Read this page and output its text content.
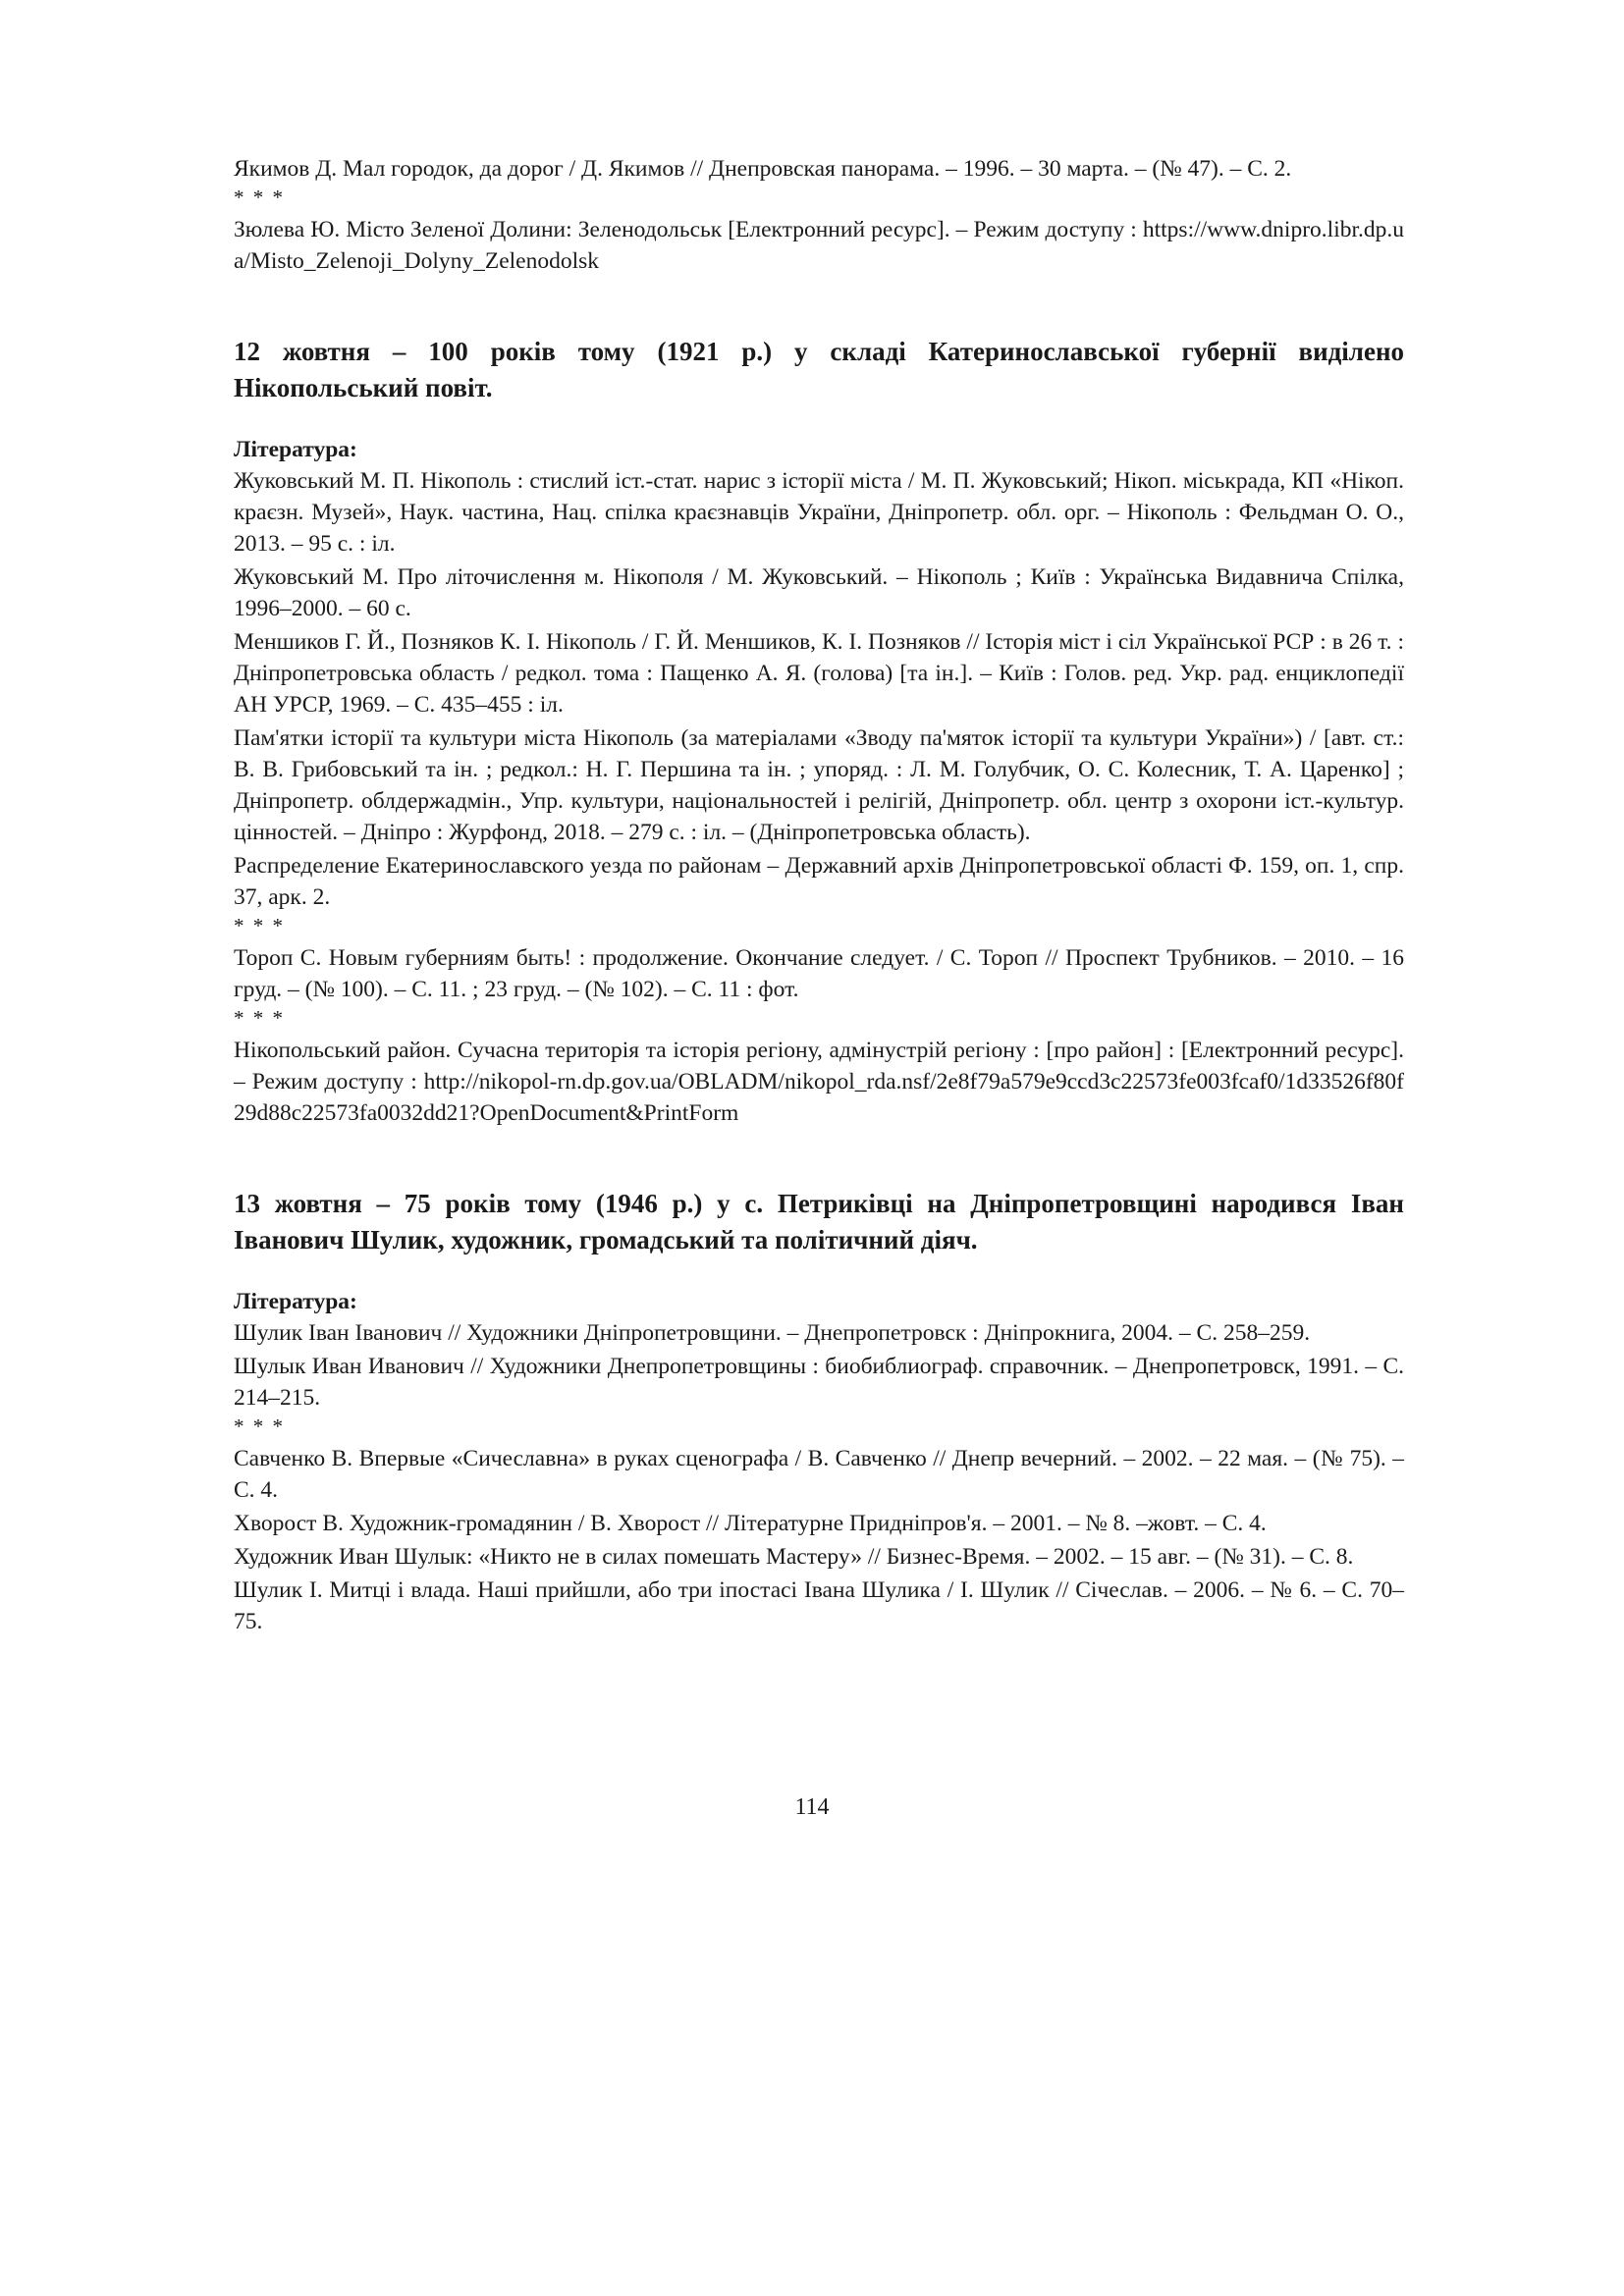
Якимов Д. Мал городок, да дорог / Д. Якимов // Днепровская панорама. – 1996. – 30 марта. – (№ 47). – С. 2.

* * *

Зюлева Ю. Місто Зеленої Долини: Зеленодольськ [Електронний ресурс]. – Режим доступу : https://www.dnipro.libr.dp.ua/Misto_Zelenoji_Dolyny_Zelenodolsk

12 жовтня – 100 років тому (1921 р.) у складі Катеринославської губернії виділено Нікопольський повіт.

Література:

Жуковський М. П. Нікополь : стислий іст.-стат. нарис з історії міста / М. П. Жуковський; Нікоп. міськрада, КП «Нікоп. краєзн. Музей», Наук. частина, Нац. спілка краєзнавців України, Дніпропетр. обл. орг. – Нікополь : Фельдман О. О., 2013. – 95 с. : іл.

Жуковський М. Про літочислення м. Нікополя / М. Жуковський. – Нікополь ; Київ : Українська Видавнича Спілка, 1996–2000. – 60 с.

Меншиков Г. Й., Позняков К. І. Нікополь / Г. Й. Меншиков, К. І. Позняков // Історія міст і сіл Української РСР : в 26 т. : Дніпропетровська область / редкол. тома : Пащенко А. Я. (голова) [та ін.]. – Київ : Голов. ред. Укр. рад. енциклопедії АН УРСР, 1969. – С. 435–455 : іл.

Пам'ятки історії та культури міста Нікополь (за матеріалами «Зводу па'мяток історії та культури України») / [авт. ст.: В. В. Грибовський та ін. ; редкол.: Н. Г. Першина та ін. ; упоряд. : Л. М. Голубчик, О. С. Колесник, Т. А. Царенко] ; Дніпропетр. облдержадмін., Упр. культури, національностей і релігій, Дніпропетр. обл. центр з охорони іст.-культур. цінностей. – Дніпро : Журфонд, 2018. – 279 с. : іл. – (Дніпропетровська область).

Распределение Екатеринославского уезда по районам – Державний архів Дніпропетровської області Ф. 159, оп. 1, спр. 37, арк. 2.

* * *

Тороп С. Новым губерниям быть! : продолжение. Окончание следует. / С. Тороп // Проспект Трубников. – 2010. – 16 груд. – (№ 100). – С. 11. ; 23 груд. – (№ 102). – С. 11 : фот.

* * *

Нікопольський район. Сучасна територія та історія регіону, адмінустрій регіону : [про район] : [Електронний ресурс]. – Режим доступу : http://nikopol-rn.dp.gov.ua/OBLADM/nikopol_rda.nsf/2e8f79a579e9ccd3c22573fe003fcaf0/1d33526f80f29d88c22573fa0032dd21?OpenDocument&PrintForm

13 жовтня – 75 років тому (1946 р.) у с. Петриківці на Дніпропетровщині народився Іван Іванович Шулик, художник, громадський та політичний діяч.

Література:

Шулик Іван Іванович // Художники Дніпропетровщини. – Днепропетровск : Дніпрокнига, 2004. – С. 258–259.

Шулык Иван Иванович // Художники Днепропетровщины : биобиблиограф. справочник. – Днепропетровск, 1991. – С. 214–215.

* * *

Савченко В. Впервые «Сичеславна» в руках сценографа / В. Савченко // Днепр вечерний. – 2002. – 22 мая. – (№ 75). – С. 4.

Хворост В. Художник-громадянин / В. Хворост // Літературне Придніпров'я. – 2001. – № 8. –жовт. – С. 4.

Художник Иван Шулык: «Никто не в силах помешать Мастеру» // Бизнес-Время. – 2002. – 15 авг. – (№ 31). – С. 8.

Шулик І. Митці і влада. Наші прийшли, або три іпостасі Івана Шулика / І. Шулик // Січеслав. – 2006. – № 6. – С. 70–75.

114
